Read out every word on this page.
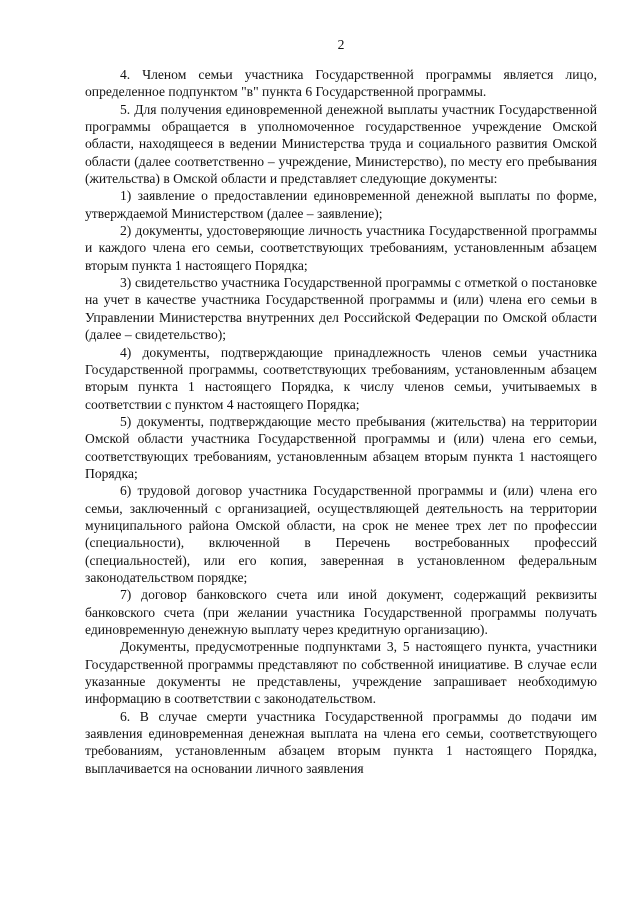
2

4. Членом семьи участника Государственной программы является лицо, определенное подпунктом "в" пункта 6 Государственной программы.

5. Для получения единовременной денежной выплаты участник Государственной программы обращается в уполномоченное государственное учреждение Омской области, находящееся в ведении Министерства труда и социального развития Омской области (далее соответственно – учреждение, Министерство), по месту его пребывания (жительства) в Омской области и представляет следующие документы:

1) заявление о предоставлении единовременной денежной выплаты по форме, утверждаемой Министерством (далее – заявление);

2) документы, удостоверяющие личность участника Государственной программы и каждого члена его семьи, соответствующих требованиям, установленным абзацем вторым пункта 1 настоящего Порядка;

3) свидетельство участника Государственной программы с отметкой о постановке на учет в качестве участника Государственной программы и (или) члена его семьи в Управлении Министерства внутренних дел Российской Федерации по Омской области (далее – свидетельство);

4) документы, подтверждающие принадлежность членов семьи участника Государственной программы, соответствующих требованиям, установленным абзацем вторым пункта 1 настоящего Порядка, к числу членов семьи, учитываемых в соответствии с пунктом 4 настоящего Порядка;

5) документы, подтверждающие место пребывания (жительства) на территории Омской области участника Государственной программы и (или) члена его семьи, соответствующих требованиям, установленным абзацем вторым пункта 1 настоящего Порядка;

6) трудовой договор участника Государственной программы и (или) члена его семьи, заключенный с организацией, осуществляющей деятельность на территории муниципального района Омской области, на срок не менее трех лет по профессии (специальности), включенной в Перечень востребованных профессий (специальностей), или его копия, заверенная в установленном федеральным законодательством порядке;

7) договор банковского счета или иной документ, содержащий реквизиты банковского счета (при желании участника Государственной программы получать единовременную денежную выплату через кредитную организацию).

Документы, предусмотренные подпунктами 3, 5 настоящего пункта, участники Государственной программы представляют по собственной инициативе. В случае если указанные документы не представлены, учреждение запрашивает необходимую информацию в соответствии с законодательством.

6. В случае смерти участника Государственной программы до подачи им заявления единовременная денежная выплата на члена его семьи, соответствующего требованиям, установленным абзацем вторым пункта 1 настоящего Порядка, выплачивается на основании личного заявления
